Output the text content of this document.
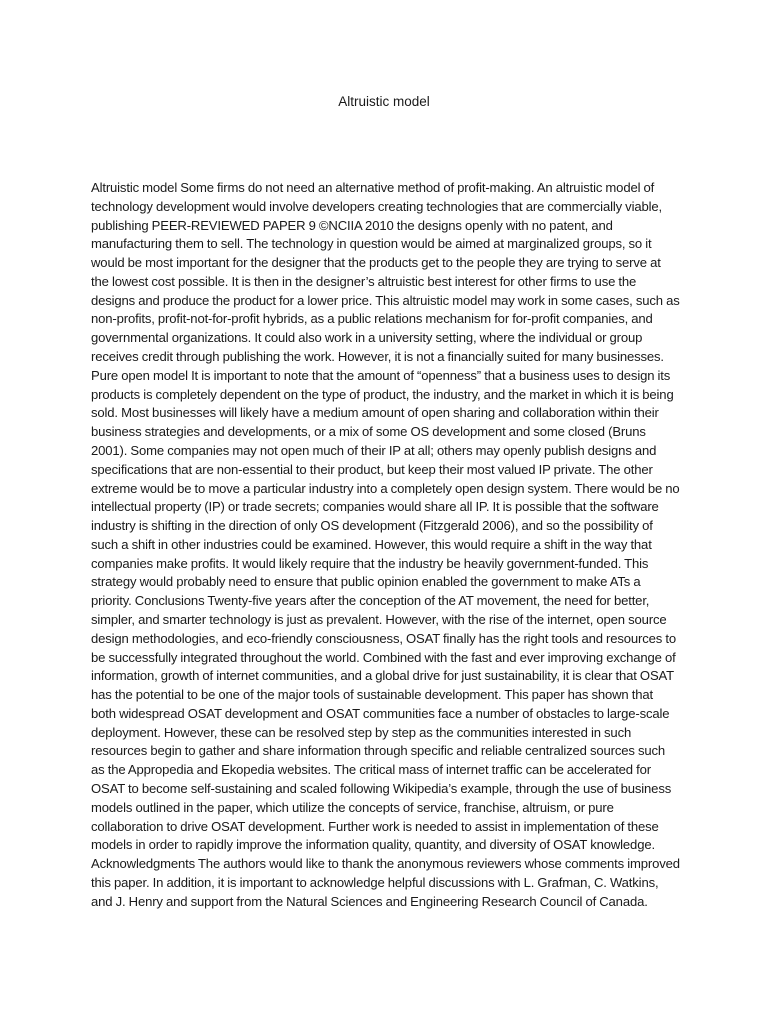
Altruistic model

Altruistic model Some firms do not need an alternative method of profit-making. An altruistic model of technology development would involve developers creating technologies that are commercially viable, publishing PEER-REVIEWED PAPER 9 ©NCIIA 2010 the designs openly with no patent, and manufacturing them to sell. The technology in question would be aimed at marginalized groups, so it would be most important for the designer that the products get to the people they are trying to serve at the lowest cost possible. It is then in the designer’s altruistic best interest for other firms to use the designs and produce the product for a lower price. This altruistic model may work in some cases, such as non-profits, profit-not-for-profit hybrids, as a public relations mechanism for for-profit companies, and governmental organizations. It could also work in a university setting, where the individual or group receives credit through publishing the work. However, it is not a financially suited for many businesses. Pure open model It is important to note that the amount of “openness” that a business uses to design its products is completely dependent on the type of product, the industry, and the market in which it is being sold. Most businesses will likely have a medium amount of open sharing and collaboration within their business strategies and developments, or a mix of some OS development and some closed (Bruns 2001). Some companies may not open much of their IP at all; others may openly publish designs and specifications that are non-essential to their product, but keep their most valued IP private. The other extreme would be to move a particular industry into a completely open design system. There would be no intellectual property (IP) or trade secrets; companies would share all IP. It is possible that the software industry is shifting in the direction of only OS development (Fitzgerald 2006), and so the possibility of such a shift in other industries could be examined. However, this would require a shift in the way that companies make profits. It would likely require that the industry be heavily government-funded. This strategy would probably need to ensure that public opinion enabled the government to make ATs a priority. Conclusions Twenty-five years after the conception of the AT movement, the need for better, simpler, and smarter technology is just as prevalent. However, with the rise of the internet, open source design methodologies, and eco-friendly consciousness, OSAT finally has the right tools and resources to be successfully integrated throughout the world. Combined with the fast and ever improving exchange of information, growth of internet communities, and a global drive for just sustainability, it is clear that OSAT has the potential to be one of the major tools of sustainable development. This paper has shown that both widespread OSAT development and OSAT communities face a number of obstacles to large-scale deployment. However, these can be resolved step by step as the communities interested in such resources begin to gather and share information through specific and reliable centralized sources such as the Appropedia and Ekopedia websites. The critical mass of internet traffic can be accelerated for OSAT to become self-sustaining and scaled following Wikipedia’s example, through the use of business models outlined in the paper, which utilize the concepts of service, franchise, altruism, or pure collaboration to drive OSAT development. Further work is needed to assist in implementation of these models in order to rapidly improve the information quality, quantity, and diversity of OSAT knowledge. Acknowledgments The authors would like to thank the anonymous reviewers whose comments improved this paper. In addition, it is important to acknowledge helpful discussions with L. Grafman, C. Watkins, and J. Henry and support from the Natural Sciences and Engineering Research Council of Canada.
